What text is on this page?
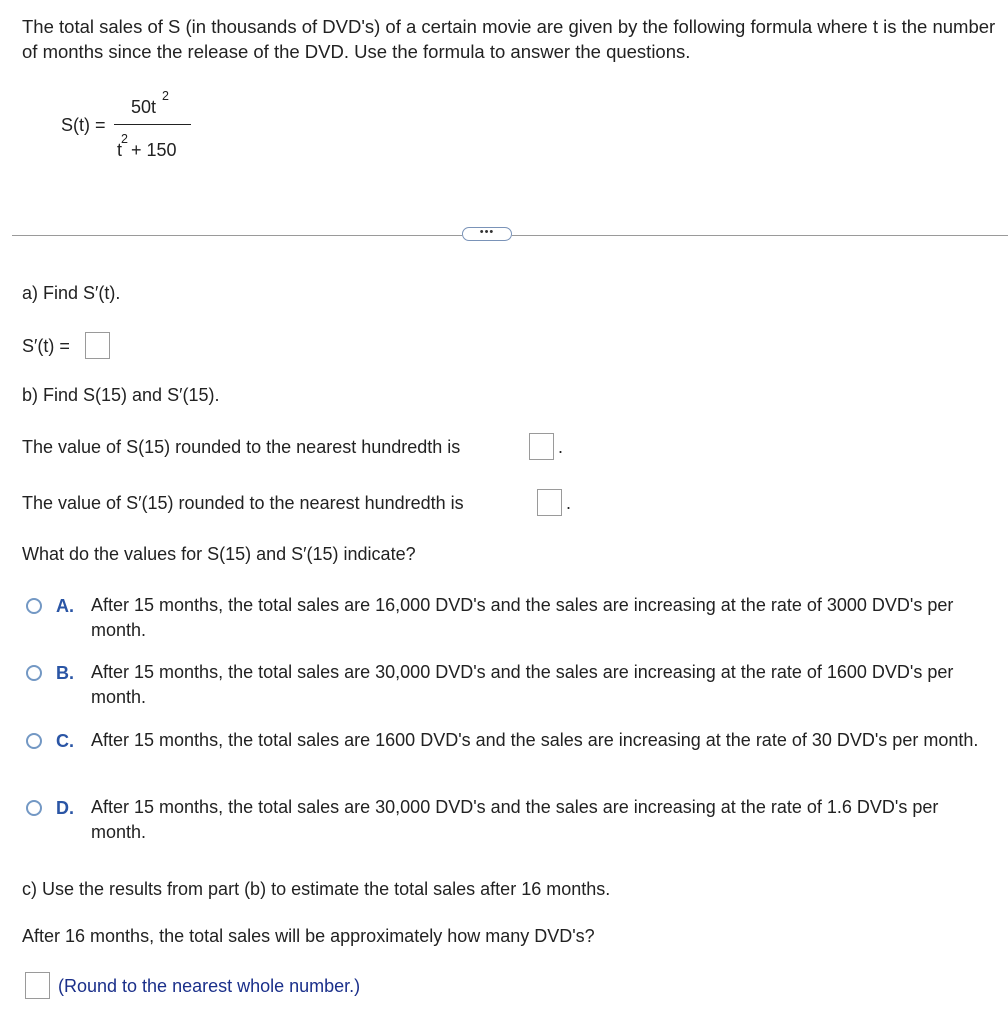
The total sales of S (in thousands of DVD's) of a certain movie are given by the following formula where t is the number of months since the release of the DVD. Use the formula to answer the questions.
S(t) =
50t
2
t
2
+ 150
•••
a) Find S′(t).
S′(t) =
b) Find S(15) and S′(15).
The value of S(15) rounded to the nearest hundredth is	.
The value of S′(15) rounded to the nearest hundredth is	.
What do the values for S(15) and S′(15) indicate?
A. After 15 months, the total sales are 16,000 DVD's and the sales are increasing at the rate of 3000 DVD's per month.
B. After 15 months, the total sales are 30,000 DVD's and the sales are increasing at the rate of 1600 DVD's per month.
C. After 15 months, the total sales are 1600 DVD's and the sales are increasing at the rate of 30 DVD's per month.
D. After 15 months, the total sales are 30,000 DVD's and the sales are increasing at the rate of 1.6 DVD's per month.
c) Use the results from part (b) to estimate the total sales after 16 months.
After 16 months, the total sales will be approximately how many DVD's?
(Round to the nearest whole number.)
